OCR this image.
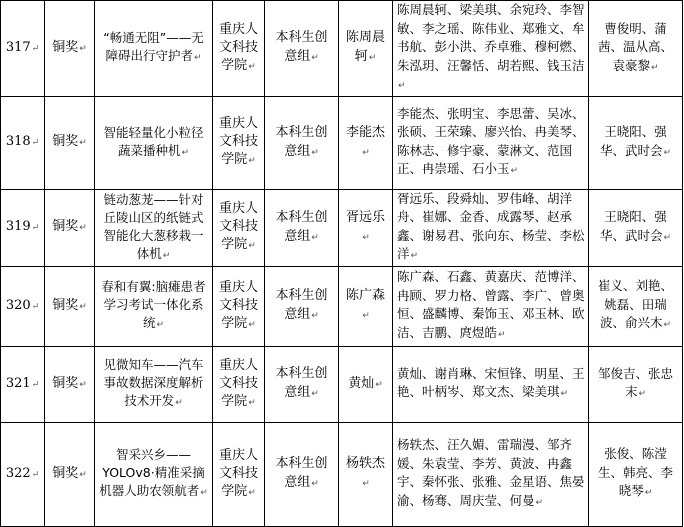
317↵	铜奖↵	“畅通无阻”——无障碍出行守护者↵	重庆人文科技学院↵	本科生创意组↵	陈周晨轲↵	陈周晨轲、梁美琪、余宛玲、李智敏、李之瑶、陈伟业、郑雅文、牟书航、彭小洪、乔卓雅、穆柯燃、朱泓玥、汪馨恬、胡若熙、钱玉洁↵	曹俊明、蒲茜、温从高、袁豪黎↵
318↵	铜奖↵	智能轻量化小粒径蔬菜播种机↵	重庆人文科技学院↵	本科生创意组↵	李能杰↵	李能杰、张明宝、李思蕾、吴冰、张硕、王荣臻、廖兴怡、冉美琴、陈林志、修宇豪、蒙淋文、范国正、冉崇瑶、石小玉↵	王晓阳、强华、武时会↵
319↵	铜奖↵	链动葱茏——针对丘陵山区的纸链式智能化大葱移栽一体机↵	重庆人文科技学院↵	本科生创意组↵	胥远乐↵	胥远乐、段舜灿、罗伟峰、胡洋舟、崔娜、金香、成露琴、赵承鑫、谢易君、张向东、杨莹、李松洋↵	王晓阳、强华、武时会↵
320↵	铜奖↵	春和有翼:脑瘫患者学习考试一体化系统↵	重庆人文科技学院↵	本科生创意组↵	陈广森↵	陈广森、石鑫、黄嘉庆、范博洋、冉顾、罗力格、曾露、李广、曾奥恒、盛麟博、秦饰玉、邓玉林、欧洁、吉鹏、庹煜皓↵	崔义、刘艳、姚磊、田瑞波、俞兴木↵
321↵	铜奖↵	见微知车——汽车事故数据深度解析技术开发↵	重庆人文科技学院↵	本科生创意组↵	黄灿↵	黄灿、谢肖琳、宋恒锋、明星、王艳、叶柄岑、郑文杰、梁美琪↵	邹俊吉、张忠末↵
322↵	铜奖↵	智采兴乡——YOLOv8·精准采摘机器人助农领航者↵	重庆人文科技学院↵	本科生创意组↵	杨轶杰↵	杨轶杰、汪久媚、雷瑞漫、邹齐媛、朱袁莹、李芳、黄波、冉鑫宇、秦怀张、张雅、金星语、焦晏渝、杨骞、周庆莹、何曼↵	张俊、陈滢生、韩亮、李晓琴↵
